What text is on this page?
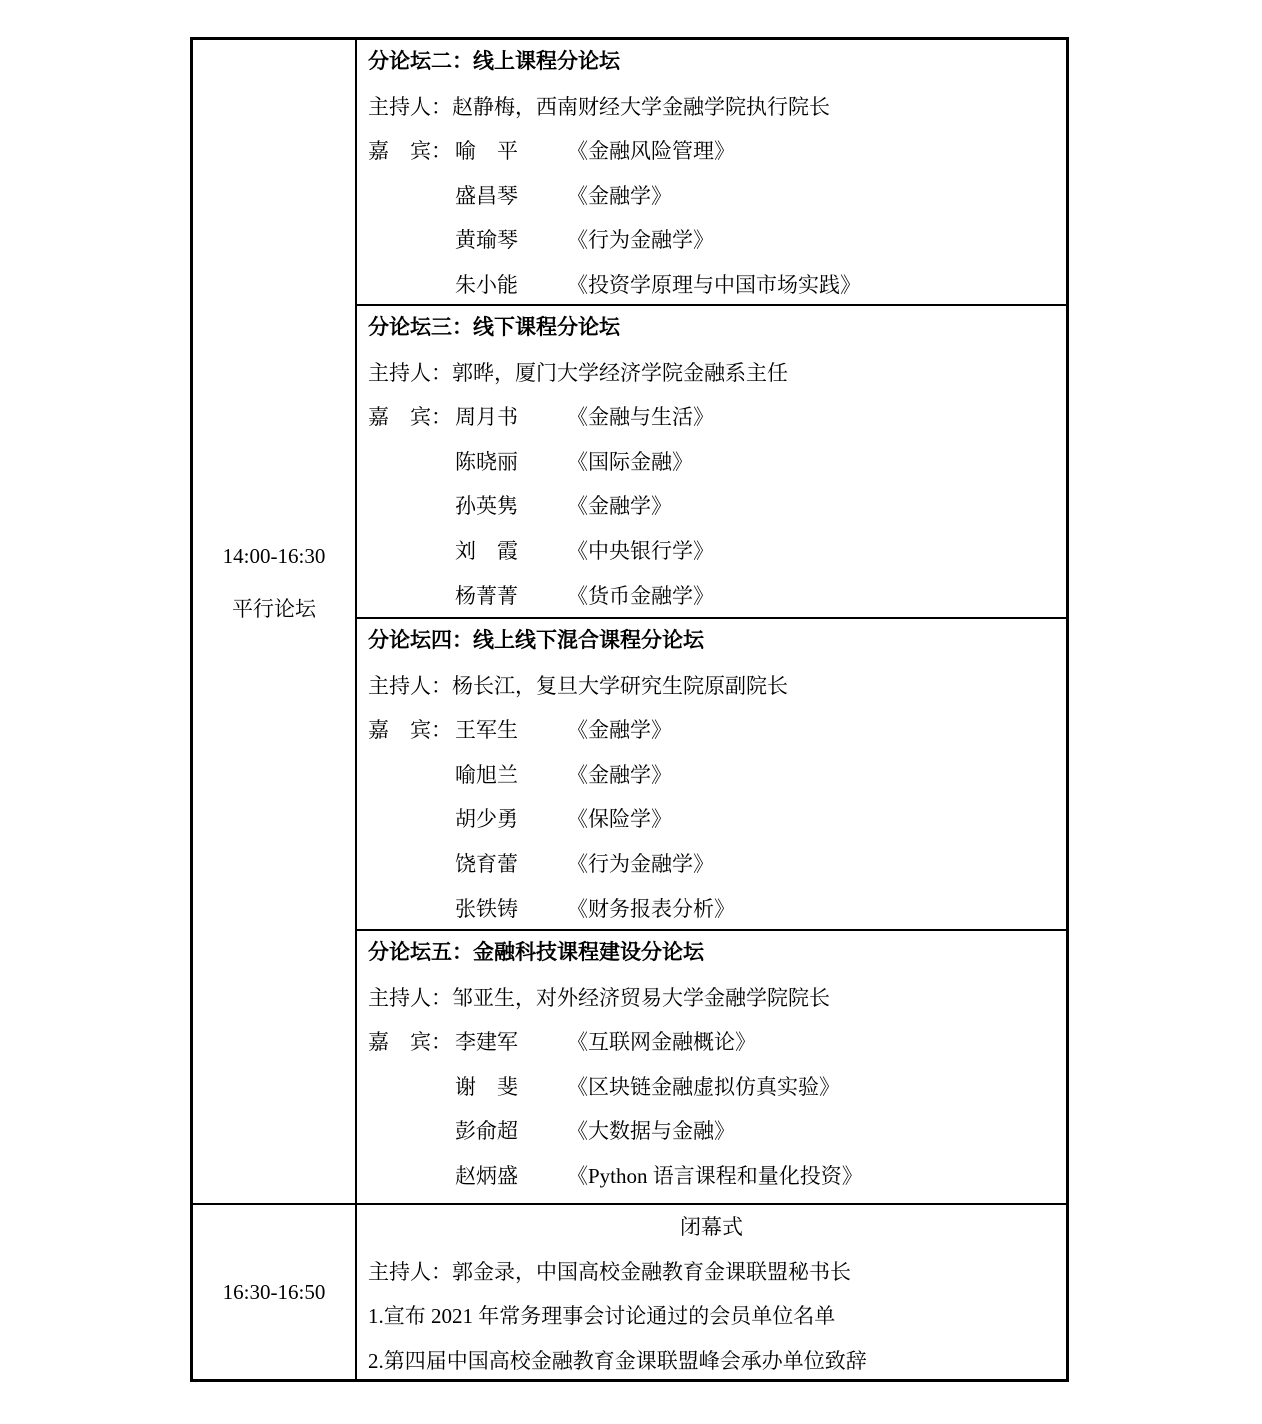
14:00-16:30
平行论坛
16:30-16:50
分论坛二：线上课程分论坛
主持人：赵静梅，西南财经大学金融学院执行院长
嘉　宾： 喻　平 《金融风险管理》
盛昌琴 《金融学》
黄瑜琴 《行为金融学》
朱小能 《投资学原理与中国市场实践》
分论坛三：线下课程分论坛
主持人：郭晔，厦门大学经济学院金融系主任
嘉　宾： 周月书 《金融与生活》
陈晓丽 《国际金融》
孙英隽 《金融学》
刘　霞 《中央银行学》
杨菁菁 《货币金融学》
分论坛四：线上线下混合课程分论坛
主持人：杨长江，复旦大学研究生院原副院长
嘉　宾： 王军生 《金融学》
喻旭兰 《金融学》
胡少勇 《保险学》
饶育蕾 《行为金融学》
张铁铸 《财务报表分析》
分论坛五：金融科技课程建设分论坛
主持人：邹亚生，对外经济贸易大学金融学院院长
嘉　宾： 李建军 《互联网金融概论》
谢　斐 《区块链金融虚拟仿真实验》
彭俞超 《大数据与金融》
赵炳盛 《Python 语言课程和量化投资》
闭幕式
主持人：郭金录，中国高校金融教育金课联盟秘书长
1.宣布 2021 年常务理事会讨论通过的会员单位名单
2.第四届中国高校金融教育金课联盟峰会承办单位致辞
